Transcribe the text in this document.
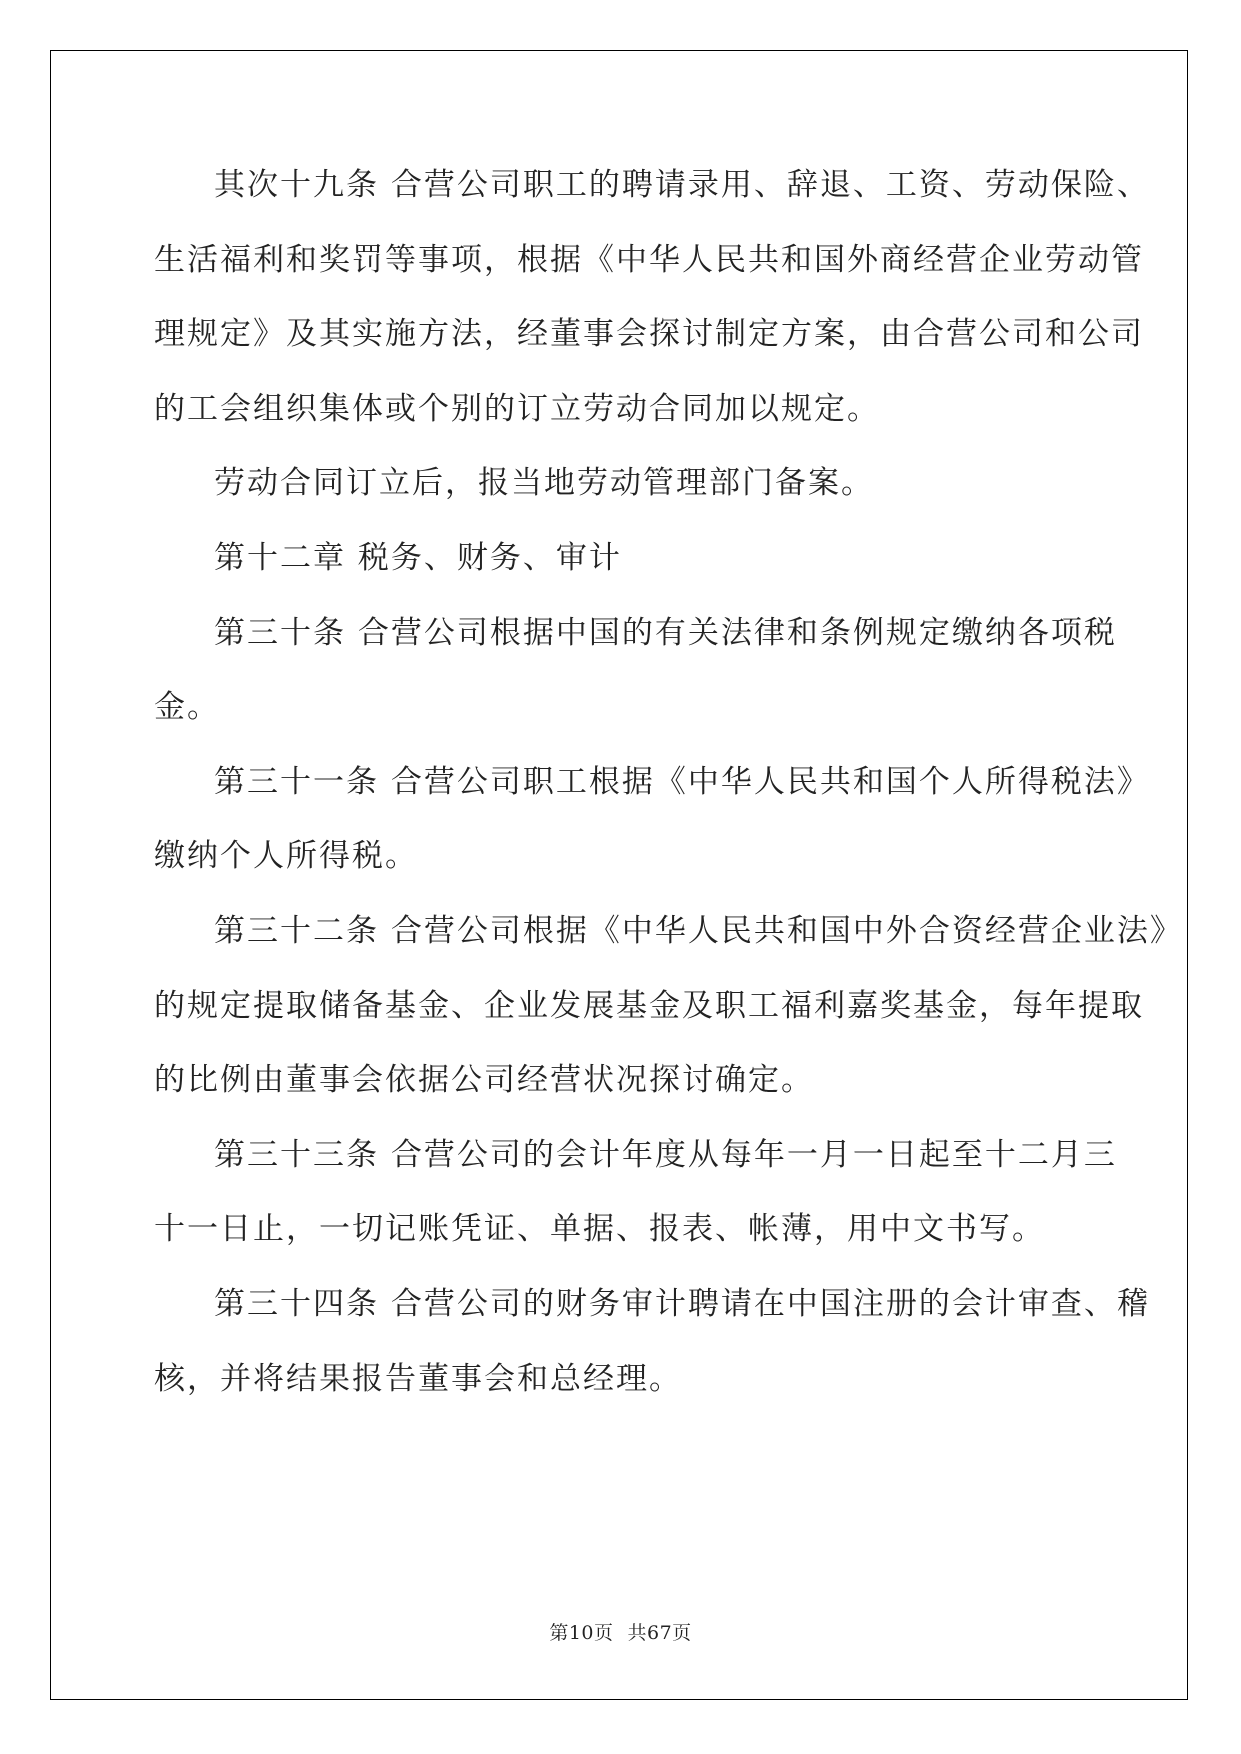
其次十九条 合营公司职工的聘请录用、辞退、工资、劳动保险、

生活福利和奖罚等事项，根据《中华人民共和国外商经营企业劳动管

理规定》及其实施方法，经董事会探讨制定方案，由合营公司和公司

的工会组织集体或个别的订立劳动合同加以规定。

劳动合同订立后，报当地劳动管理部门备案。

第十二章 税务、财务、审计

第三十条 合营公司根据中国的有关法律和条例规定缴纳各项税

金。

第三十一条 合营公司职工根据《中华人民共和国个人所得税法》

缴纳个人所得税。

第三十二条 合营公司根据《中华人民共和国中外合资经营企业法》

的规定提取储备基金、企业发展基金及职工福利嘉奖基金，每年提取

的比例由董事会依据公司经营状况探讨确定。

第三十三条 合营公司的会计年度从每年一月一日起至十二月三

十一日止，一切记账凭证、单据、报表、帐薄，用中文书写。

第三十四条 合营公司的财务审计聘请在中国注册的会计审查、稽

核，并将结果报告董事会和总经理。

第10页 共67页
